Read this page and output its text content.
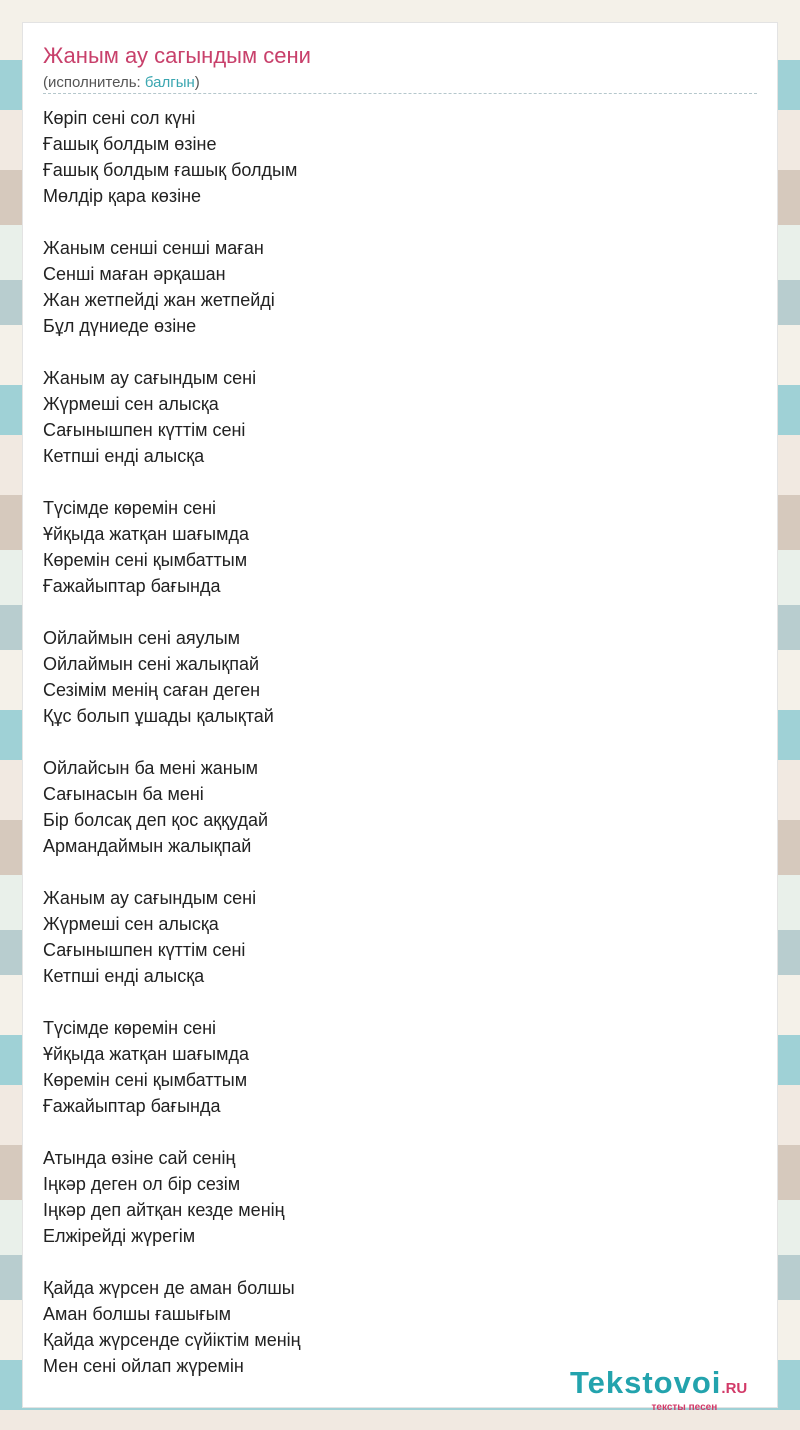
Жаным ау сагындым сени
(исполнитель: балгын)
Көріп сені сол күні
Ғашық болдым өзіне
Ғашық болдым ғашық болдым
Мөлдір қара көзіне
Жаным сенші сенші маған
Сенші маған әрқашан
Жан жетпейді жан жетпейді
Бұл дүниеде өзіне
Жаным ау сағындым сені
Жүрмеші сен алысқа
Сағынышпен күттім сені
Кетпші енді алысқа
Түсімде көремін сені
Ұйқыда жатқан шағымда
Көремін сені қымбаттым
Ғажайыптар бағында
Ойлаймын сені аяулым
Ойлаймын сені жалықпай
Сезімім менің саған деген
Құс болып ұшады қалықтай
Ойлайсын ба мені жаным
Сағынасын ба мені
Бір болсақ деп қос аққудай
Армандаймын жалықпай
Жаным ау сағындым сені
Жүрмеші сен алысқа
Сағынышпен күттім сені
Кетпші енді алысқа
Түсімде көремін сені
Ұйқыда жатқан шағымда
Көремін сені қымбаттым
Ғажайыптар бағында
Атында өзіне сай сенің
Іңкәр деген ол бір сезім
Іңкәр деп айтқан кезде менің
Елжірейді жүрегім
Қайда жүрсен де аман болшы
Аман болшы ғашығым
Қайда жүрсенде сүйіктім менің
Мен сені ойлап жүремін	Tekstovoi.RU
тексты песен
